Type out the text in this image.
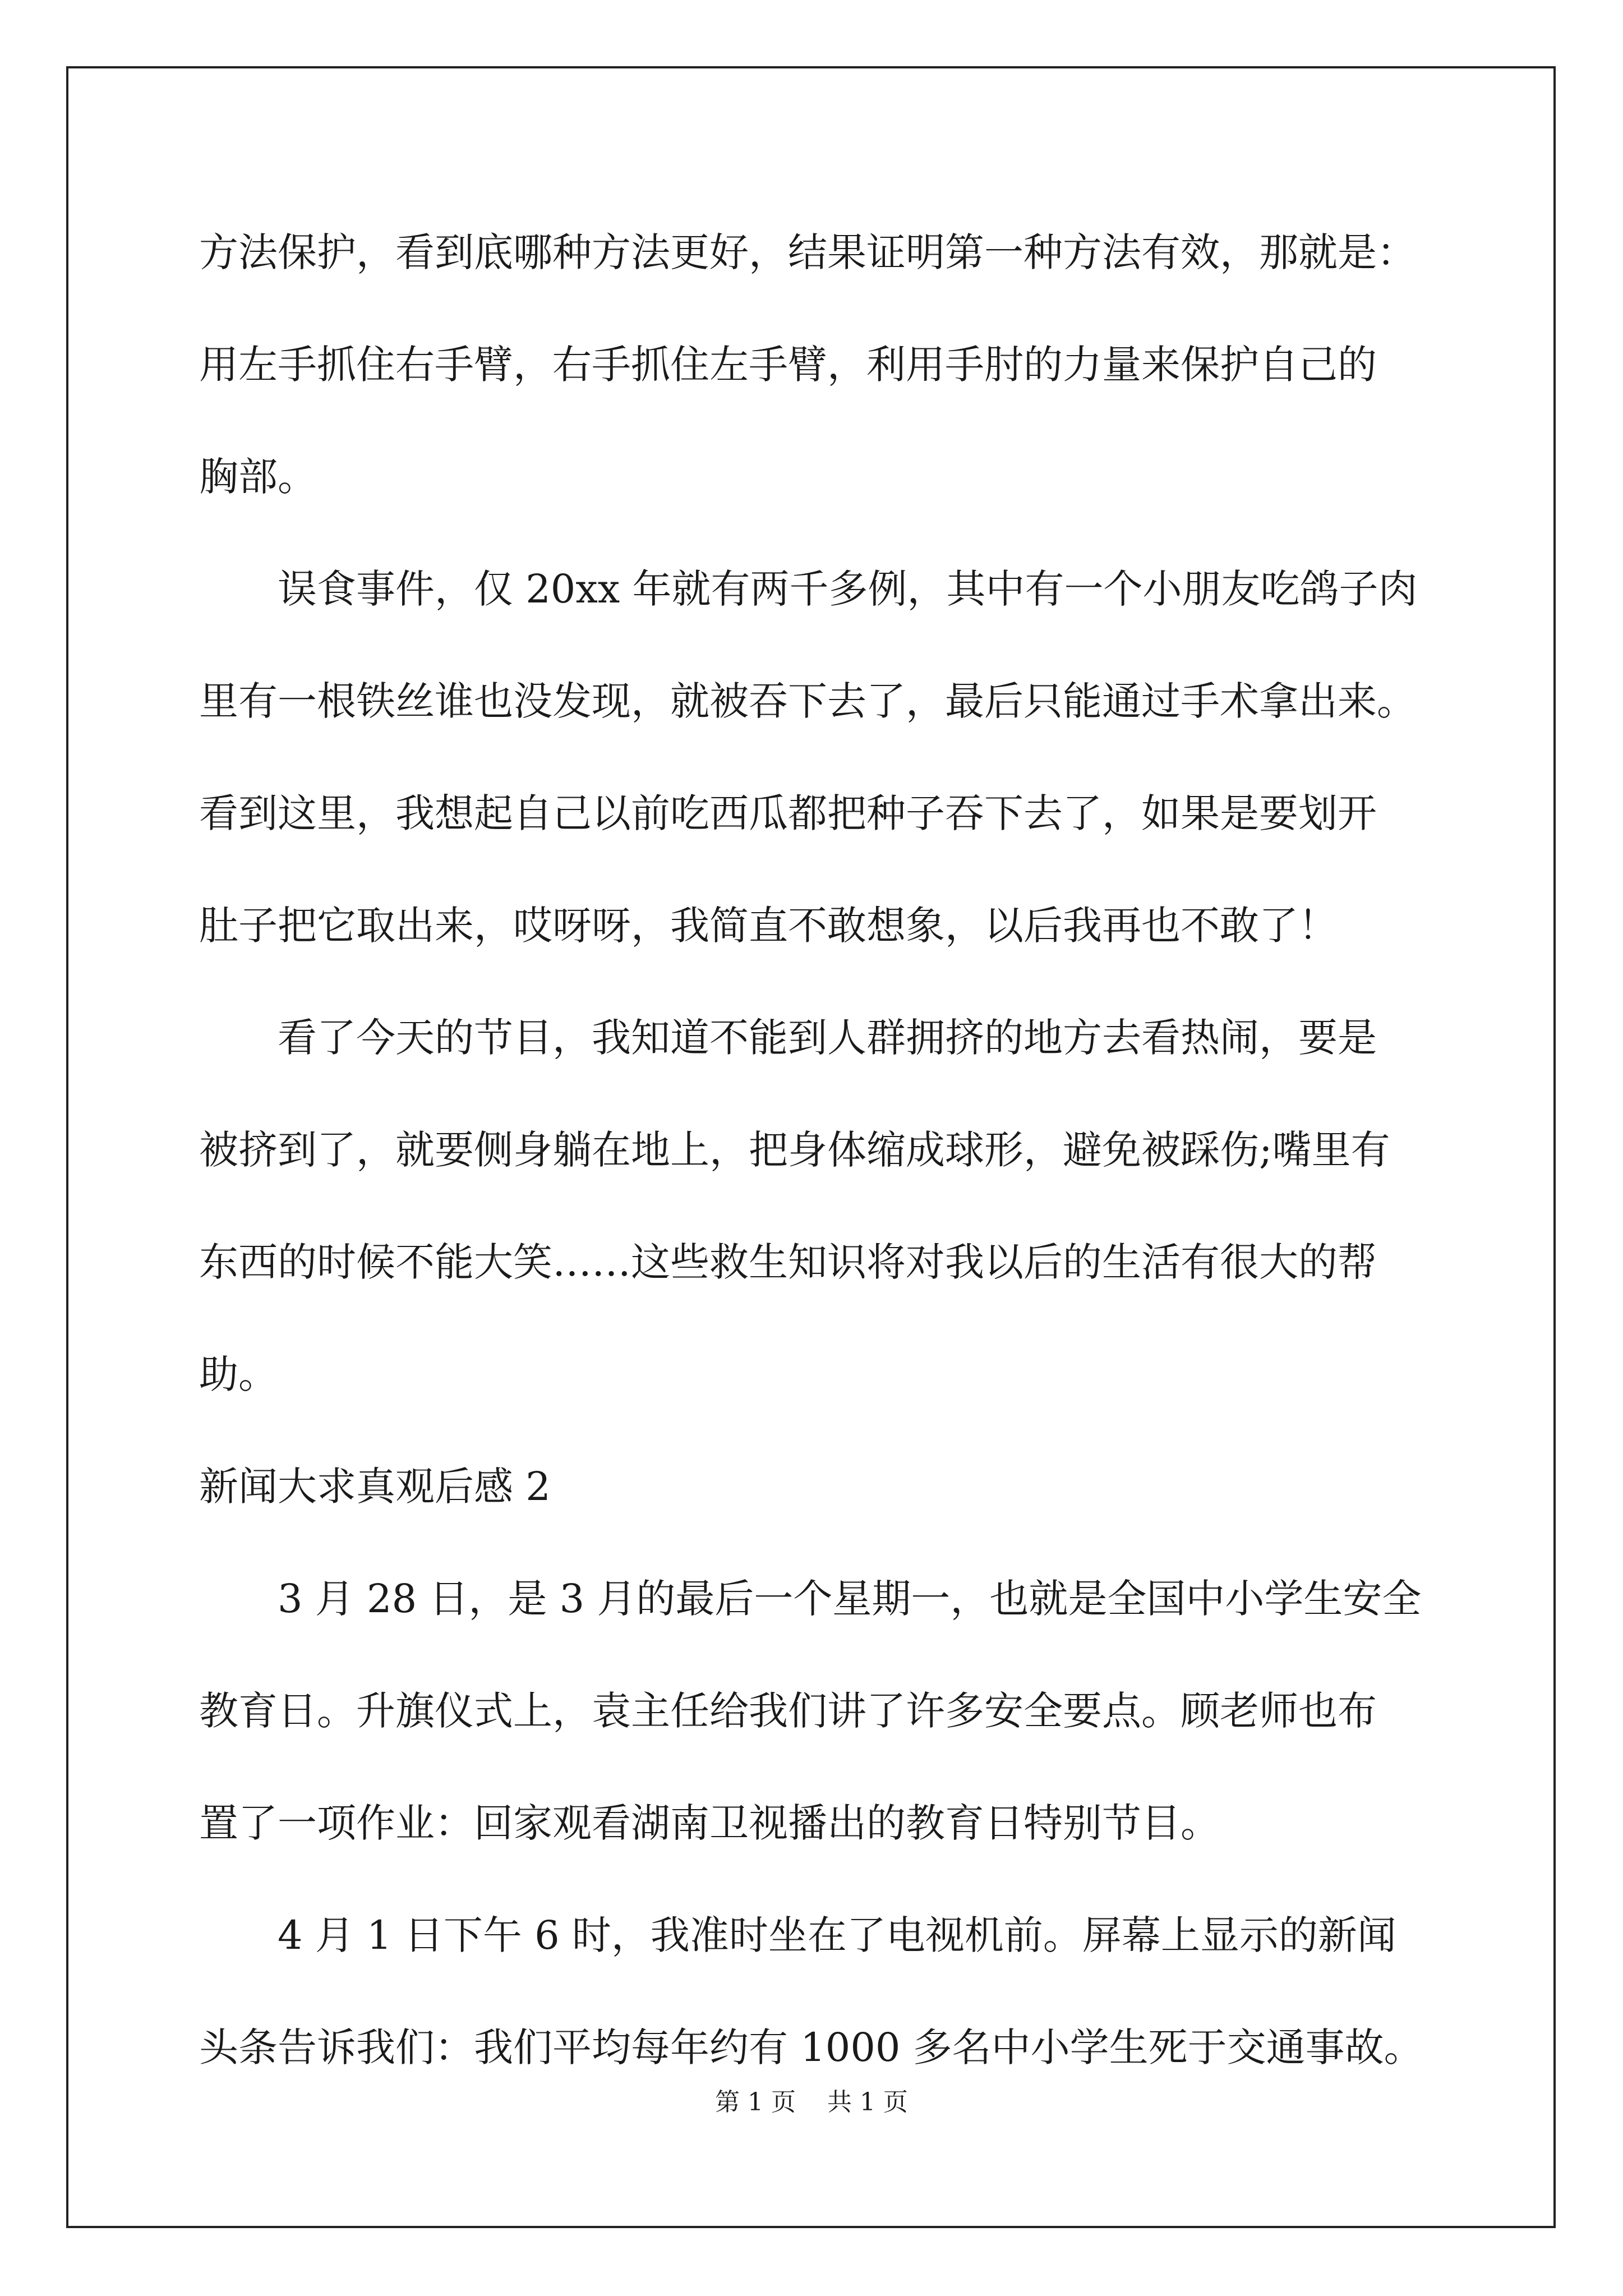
方法保护，看到底哪种方法更好，结果证明第一种方法有效，那就是：
用左手抓住右手臂，右手抓住左手臂，利用手肘的力量来保护自己的
胸部。
误食事件，仅 20xx 年就有两千多例，其中有一个小朋友吃鸽子肉
里有一根铁丝谁也没发现，就被吞下去了，最后只能通过手术拿出来。
看到这里，我想起自己以前吃西瓜都把种子吞下去了，如果是要划开
肚子把它取出来，哎呀呀，我简直不敢想象，以后我再也不敢了！
看了今天的节目，我知道不能到人群拥挤的地方去看热闹，要是
被挤到了，就要侧身躺在地上，把身体缩成球形，避免被踩伤;嘴里有
东西的时候不能大笑……这些救生知识将对我以后的生活有很大的帮
助。
新闻大求真观后感 2
3 月 28 日，是 3 月的最后一个星期一，也就是全国中小学生安全
教育日。升旗仪式上，袁主任给我们讲了许多安全要点。顾老师也布
置了一项作业：回家观看湖南卫视播出的教育日特别节目。
4 月 1 日下午 6 时，我准时坐在了电视机前。屏幕上显示的新闻
头条告诉我们：我们平均每年约有 1000 多名中小学生死于交通事故。
第 1 页    共 1 页
